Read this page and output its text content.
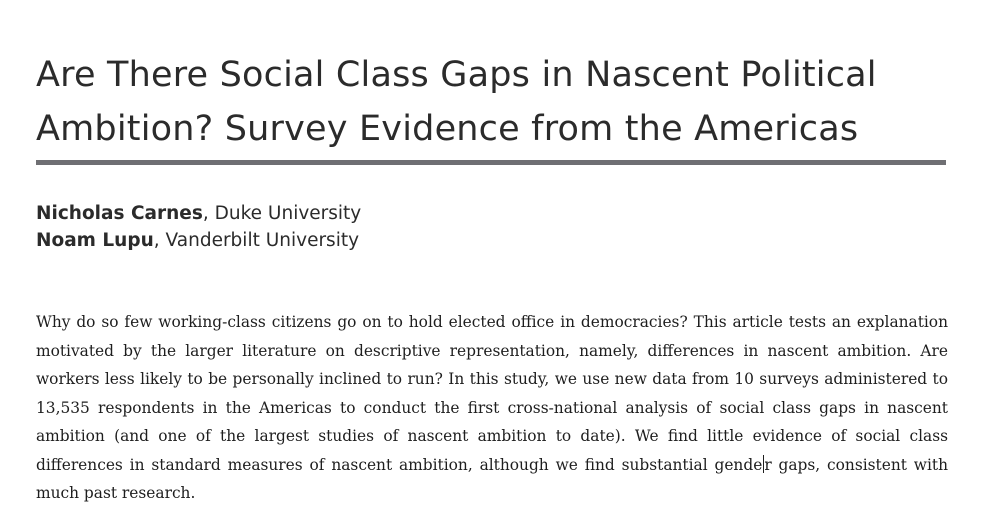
Are There Social Class Gaps in Nascent Political Ambition? Survey Evidence from the Americas
Nicholas Carnes, Duke University
Noam Lupu, Vanderbilt University

Why do so few working-class citizens go on to hold elected office in democracies? This article tests an explanation motivated by the larger literature on descriptive representation, namely, differences in nascent ambition. Are workers less likely to be personally inclined to run? In this study, we use new data from 10 surveys administered to 13,535 respondents in the Americas to conduct the first cross-national analysis of social class gaps in nascent ambition (and one of the largest studies of nascent ambition to date). We find little evidence of social class differences in standard measures of nascent ambition, although we find substantial gende r gaps, consistent with much past research.
